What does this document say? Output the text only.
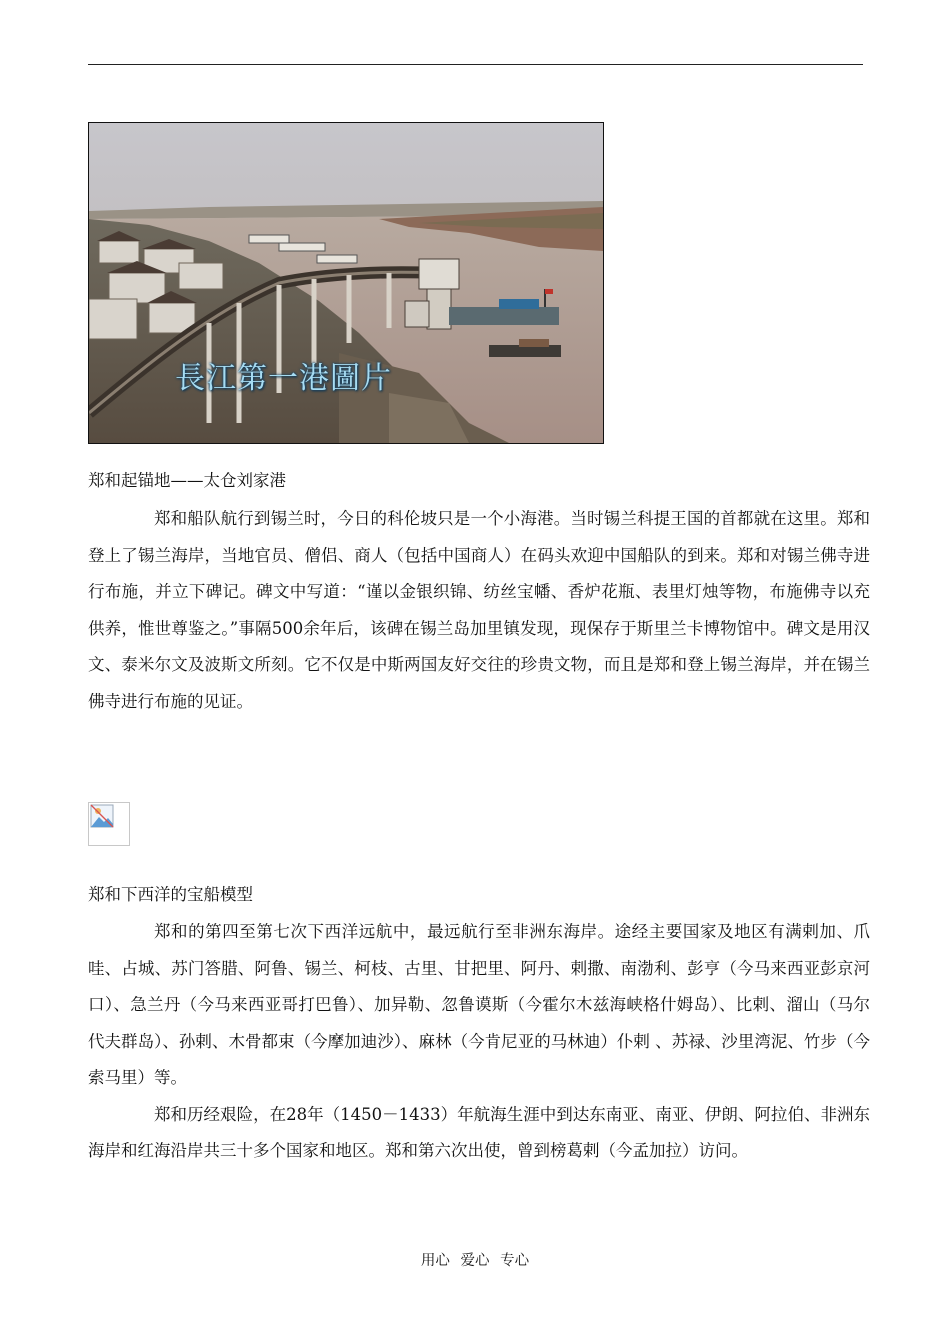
長江第一港圖片
郑和起锚地——太仓刘家港

郑和船队航行到锡兰时，今日的科伦坡只是一个小海港。当时锡兰科提王国的首都就在这里。郑和登上了锡兰海岸，当地官员、僧侣、商人（包括中国商人）在码头欢迎中国船队的到来。郑和对锡兰佛寺进行布施，并立下碑记。碑文中写道：“谨以金银织锦、纺丝宝幡、香炉花瓶、表里灯烛等物，布施佛寺以充供养，惟世尊鉴之。”事隔500余年后，该碑在锡兰岛加里镇发现，现保存于斯里兰卡博物馆中。碑文是用汉文、泰米尔文及波斯文所刻。它不仅是中斯两国友好交往的珍贵文物，而且是郑和登上锡兰海岸，并在锡兰佛寺进行布施的见证。

郑和下西洋的宝船模型

郑和的第四至第七次下西洋远航中，最远航行至非洲东海岸。途经主要国家及地区有满剌加、爪哇、占城、苏门答腊、阿鲁、锡兰、柯枝、古里、甘把里、阿丹、剌撒、南渤利、彭亨（今马来西亚彭京河口）、急兰丹（今马来西亚哥打巴鲁）、加异勒、忽鲁谟斯（今霍尔木兹海峡格什姆岛）、比剌、溜山（马尔代夫群岛）、孙剌、木骨都束（今摩加迪沙）、麻林（今肯尼亚的马林迪）仆剌 、苏禄、沙里湾泥、竹步（今索马里）等。

郑和历经艰险，在28年（1450－1433）年航海生涯中到达东南亚、南亚、伊朗、阿拉伯、非洲东海岸和红海沿岸共三十多个国家和地区。郑和第六次出使，曾到榜葛剌（今孟加拉）访问。

用心 爱心 专心
